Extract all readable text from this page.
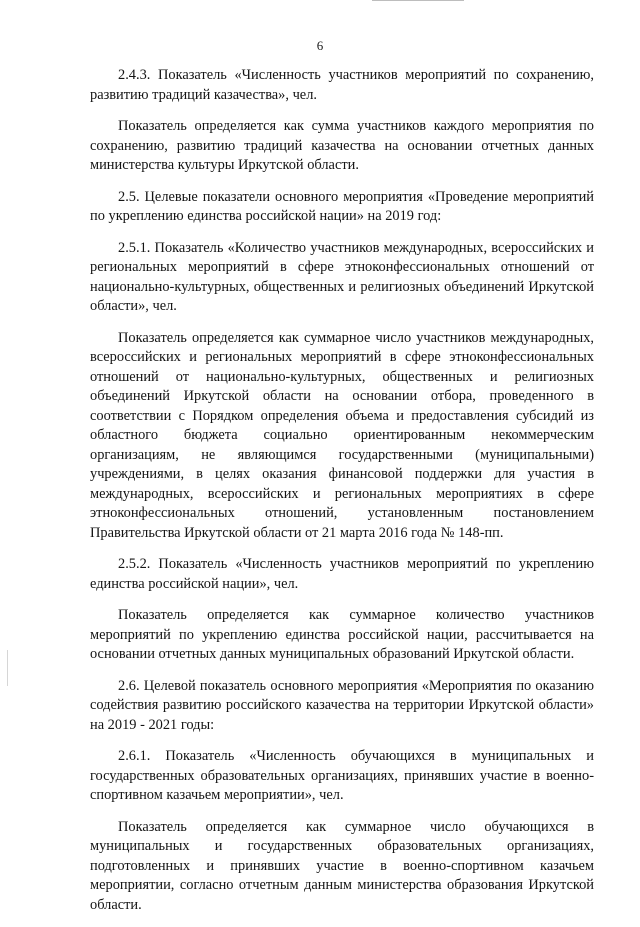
6

2.4.3. Показатель «Численность участников мероприятий по сохранению, развитию традиций казачества», чел.

Показатель определяется как сумма участников каждого мероприятия по сохранению, развитию традиций казачества на основании отчетных данных министерства культуры Иркутской области.

2.5. Целевые показатели основного мероприятия «Проведение мероприятий по укреплению единства российской нации» на 2019 год:

2.5.1. Показатель «Количество участников международных, всероссийских и региональных мероприятий в сфере этноконфессиональных отношений от национально-культурных, общественных и религиозных объединений Иркутской области», чел.

Показатель определяется как суммарное число участников международных, всероссийских и региональных мероприятий в сфере этноконфессиональных отношений от национально-культурных, общественных и религиозных объединений Иркутской области на основании отбора, проведенного в соответствии с Порядком определения объема и предоставления субсидий из областного бюджета социально ориентированным некоммерческим организациям, не являющимся государственными (муниципальными) учреждениями, в целях оказания финансовой поддержки для участия в международных, всероссийских и региональных мероприятиях в сфере этноконфессиональных отношений, установленным постановлением Правительства Иркутской области от 21 марта 2016 года № 148-пп.

2.5.2. Показатель «Численность участников мероприятий по укреплению единства российской нации», чел.

Показатель определяется как суммарное количество участников мероприятий по укреплению единства российской нации, рассчитывается на основании отчетных данных муниципальных образований Иркутской области.

2.6. Целевой показатель основного мероприятия «Мероприятия по оказанию содействия развитию российского казачества на территории Иркутской области» на 2019 - 2021 годы:

2.6.1. Показатель «Численность обучающихся в муниципальных и государственных образовательных организациях, принявших участие в военно-спортивном казачьем мероприятии», чел.

Показатель определяется как суммарное число обучающихся в муниципальных и государственных образовательных организациях, подготовленных и принявших участие в военно-спортивном казачьем мероприятии, согласно отчетным данным министерства образования Иркутской области.
